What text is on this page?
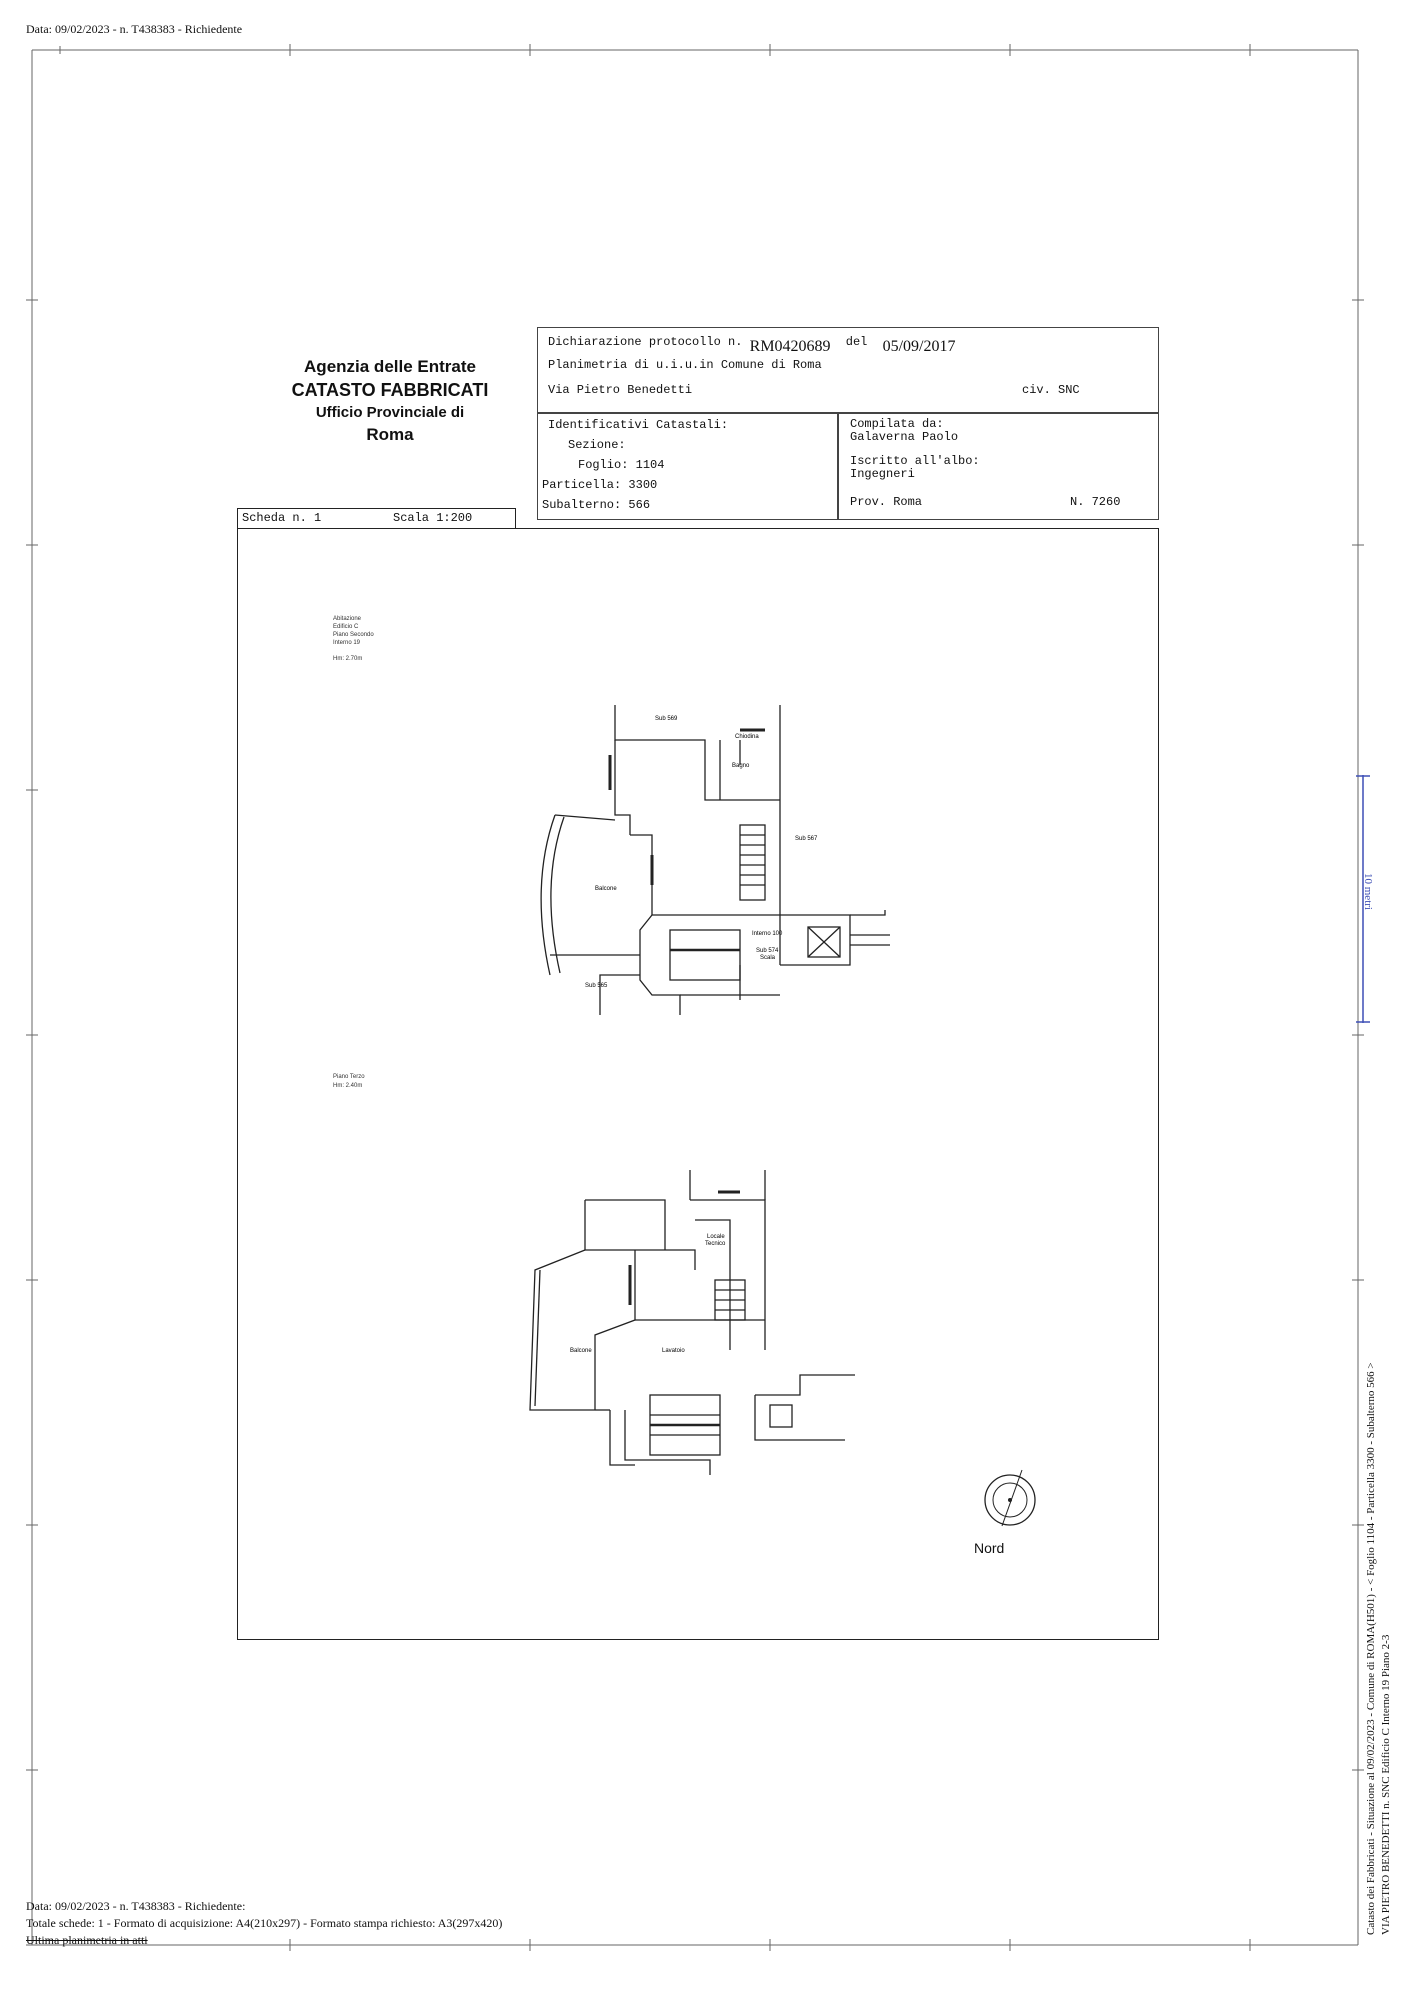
Data: 09/02/2023 - n. T438383 - Richiedente
Agenzia delle Entrate
CATASTO FABBRICATI
Ufficio Provinciale di
Roma
Dichiarazione protocollo n. RM0420689 del 05/09/2017
Planimetria di u.i.u.in Comune di Roma
Via Pietro Benedetti	civ. SNC
Identificativi Catastali:
Sezione:
Foglio: 1104
Particella: 3300
Subalterno: 566
Compilata da:
Galaverna Paolo
Iscritto all'albo:
Ingegneri
Prov. Roma	N. 7260
Scheda n. 1	Scala 1:200
Abitazione
Edificio C
Piano Secondo
Interno 19
Hm: 2.70m
Sub 569
Chiodina
Bagno
Sub 567
Balcone
Interno 100
Sub 574
Scala
Sub 565
Piano Terzo
Hm: 2.40m
Locale
Tecnico
Balcone	Lavatoio
Nord
10 metri
Catasto dei Fabbricati - Situazione al 09/02/2023 - Comune di ROMA(H501) - < Foglio 1104 - Particella 3300 - Subalterno 566 > VIA PIETRO BENEDETTI n. SNC Edificio C Interno 19 Piano 2-3
Data: 09/02/2023 - n. T438383 - Richiedente:
Totale schede: 1 - Formato di acquisizione: A4(210x297) - Formato stampa richiesto: A3(297x420)
Ultima planimetria in atti
